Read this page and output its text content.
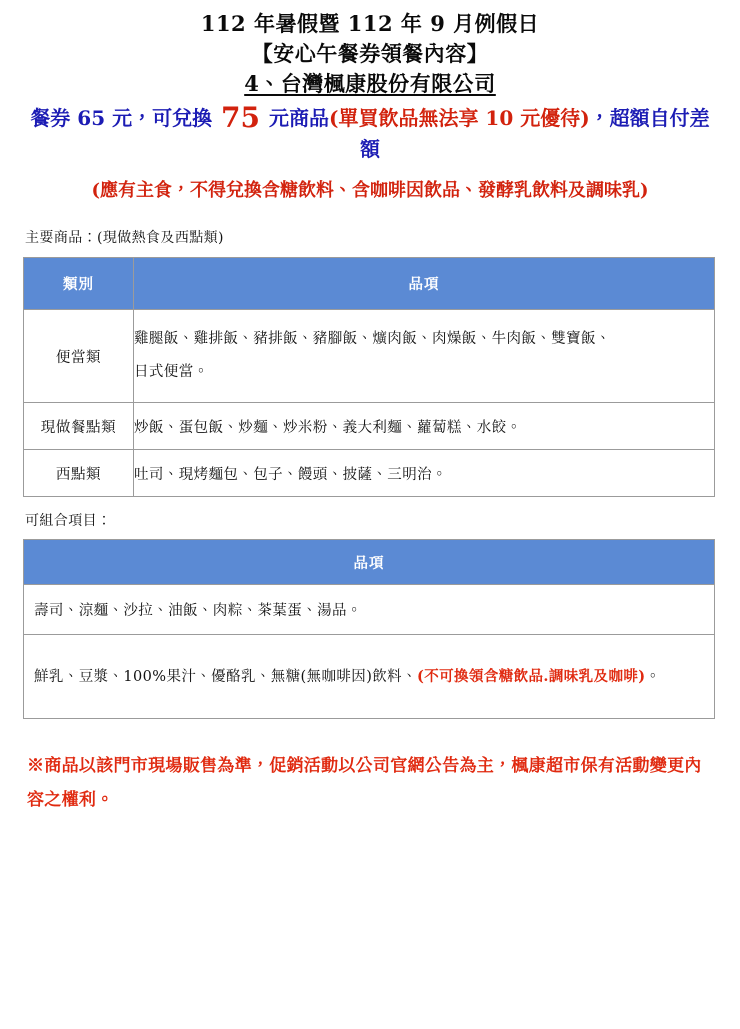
112 年暑假暨 112 年 9 月例假日
【安心午餐券領餐內容】
4、台灣楓康股份有限公司
餐券 65 元，可兌換 75 元商品(單買飲品無法享 10 元優待)，超額自付差額
(應有主食，不得兌換含糖飲料、含咖啡因飲品、發酵乳飲料及調味乳)
主要商品：(現做熱食及西點類)
類別	品項
便當類	雞腿飯、雞排飯、豬排飯、豬腳飯、爌肉飯、肉燥飯、牛肉飯、雙寶飯、
日式便當。

現做餐點類	炒飯、蛋包飯、炒麵、炒米粉、義大利麵、蘿蔔糕、水餃。
西點類	吐司、現烤麵包、包子、饅頭、披薩、三明治。
可組合項目：
品項
壽司、涼麵、沙拉、油飯、肉粽、茶葉蛋、湯品。
鮮乳、豆漿、100%果汁、優酪乳、無糖(無咖啡因)飲料、(不可換領含糖飲品.調味乳及咖啡)。
※商品以該門市現場販售為準，促銷活動以公司官網公告為主，楓康超市保有活動變更內容之權利。
